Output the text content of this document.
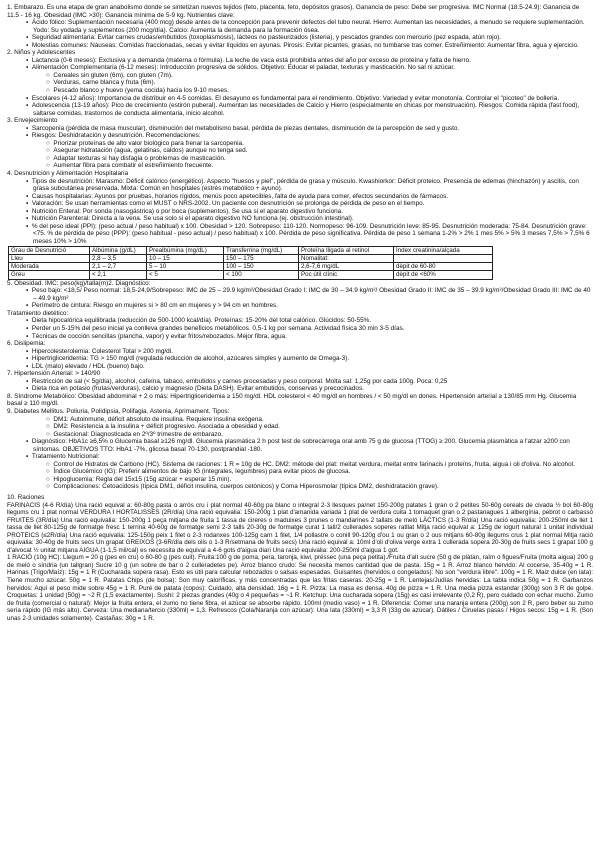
1. Embarazo. Es una etapa de gran anabolismo donde se sintetizan nuevos tejidos (feto, placenta, feto, depósitos grasos). Ganancia de peso: Debe ser progresiva. IMC Normal (18.5-24.9): Ganancia de 11.5 - 16 kg. Obesidad (IMC >30): Ganancia mínima de 5-9 kg. Nutrientes clave:

▪  Ácido fólico: Suplementación necesaria (400 mcg) desde antes de la concepción para prevenir defectos del tubo neural. Hierro: Aumentan las necesidades, a menudo se requiere suplementación. Yodo: Su yodada y suplementos (200 mcg/día). Calcio: Aumenta la demanda para la formación ósea.

▪  Seguridad alimentaria: Evitar carnes crudas/embutidos (toxoplasmosis), lácteos no pasteurizados (listeria), y pescados grandes con mercurio (pez espada, atún rojo).

▪  Molestias comunes: Náuseas: Comidas fraccionadas, secas y evitar líquidos en ayunas. Pirosis: Evitar picantes, grasas, no tumbarse tras comer. Estreñimiento: Aumentar fibra, agua y ejercicio.

2. Niños y Adolescentes

▪  Lactancia (0-6 meses): Exclusiva y a demanda (materna o fórmula). La leche de vaca está prohibida antes del año por exceso de proteína y falta de hierro.

▪  Alimentación Complementaria (6-12 meses): Introducción progresiva de sólidos. Objetivo: Educar el paladar, texturas y masticación. No sal ni azúcar.

○  Cereales sin gluten (6m), con gluten (7m).

○  Verduras, carne blanca y fruta (6m).

○  Pescado blanco y huevo (yema cocida) hacia los 9-10 meses.

▪  Escolares (4-12 años): Importancia de distribuir en 4-5 comidas. El desayuno es fundamental para el rendimiento. Objetivo: Variedad y evitar monotonía. Controlar el "picoteo" de bollería.

▪  Adolescencia (13-19 años): Pico de crecimiento (estirón puberal). Aumentan las necesidades de Calcio y Hierro (especialmente en chicas por menstruación). Riesgos: Comida rápida (fast food), saltarse comidas, trastornos de conducta alimentaria, inicio alcohol.

3. Envejecimiento

▪  Sarcopenia (pérdida de masa muscular), disminución del metabolismo basal, pérdida de piezas dentales, disminución de la percepción de sed y gusto.

▪  Riesgos: Deshidratación y desnutrición. Recomendaciones:

○  Priorizar proteínas de alto valor biológico para frenar la sarcopenia.

○  Asegurar hidratación (agua, gelatinas, caldos) aunque no tenga sed.

○  Adaptar texturas si hay disfagia o problemas de masticación.

○  Aumentar fibra para combatir el estreñimiento frecuente.

4. Desnutrición y Alimentación Hospitalaria

▪  Tipos de desnutrición: Marasmo: Déficit calórico (energético). Aspecto "huesos y piel", pérdida de grasa y músculo. Kwashiorkor: Déficit proteico. Presencia de edemas (hinchazón) y ascitis, con grasa subcutánea preservada. Mixta: Común en hospitales (estrés metabólico + ayuno).

▪  Causas hospitalarias: Ayunos por pruebas, horarios rígidos, menús poco apetecibles, falta de ayuda para comer, efectos secundarios de fármacos.

▪  Valoración: Se usan herramientas como el MUST o NRS-2002. Un paciente con desnutrición se prolonga de pérdida de peso en el tiempo.

▪  Nutrición Enteral: Por sonda (nasogástrica) o por boca (suplementos). Se usa si el aparato digestivo funciona.

▪  Nutrición Parenteral: Directa a la vena. Se usa solo si el aparato digestivo NO funciona (ej. obstrucción intestinal).

▪  % del peso ideal (PPI): (peso actual / peso habitual) x 100. Obesidad > 120. Sobrepeso: 110-120. Normopeso: 96-109. Desnutrición leve: 85-95. Desnutrición moderada: 75-84. Desnutrición grave: <75. % de pérdida de peso (PPP): (peso habitual - peso actual) / peso habitual) x 100. Pérdida de peso significativa. Pérdida de peso 1 semana 1-2% > 2% 1 mes 5% > 5% 3 meses 7,5% > 7,5% 6 meses 10% > 10%

Grau de Desnutrició	Albúmina (g/dL)	Prealbúmina (mg/dL)	Transferrina (mg/dL)	Proteïna lligada al retinol	Índex creatinina/alçada
Lleu	2,8 – 3,5	10 – 15	150 – 175	Nomalitat:	
Moderada	2,1 – 2,7	5 – 10	100 – 150	2,6-7,6 mg/dL	dèpit de 60-80
Greu	< 2,1	< 5	< 100	Poc útil clínic	dèpit de <60%

5. Obesidad. IMC: peso(kg)/talla(m)2. Diagnóstico:

▪  Peso bajo: <18,5/ Peso normal: 18,5-24,9/Sobrepeso: IMC de 25 – 29.9 kg/m²/Obesidad Grado I: IMC de 30 – 34.9 kg/m²/ Obesidad Grado II: IMC de 35 – 39.9 kg/m²/Obesidad Grado III: IMC de 40 – 49.9 kg/m²

▪  Perímetro de cintura: Riesgo en mujeres si > 80 cm en mujeres y > 94 cm en hombres.

Tratamiento dietético:

▪  Dieta hipocalórica equilibrada (reducción de 500-1000 kcal/día). Proteínas: 15-20% del total calórico. Glúcidos: 50-55%.

▪  Perder un 5-15% del peso inicial ya conlleva grandes beneficios metabólicos. 0,5-1 kg por semana. Actividad física 30 min 3-5 días.

▪  Técnicas de cocción sencillas (plancha, vapor) y evitar fritos/rebozados. Mejor fibra, agua.

6. Dislipemia:

▪  Hipercolesterolemia: Colesterol Total > 200 mg/dl.

▪  Hipertrigliceridemia: TG > 150 mg/dl (regulada reducción de alcohol, azúcares simples y aumento de Omega-3).

▪  LDL (malo) elevado / HDL (bueno) bajo.

7. Hipertensión Arterial: > 140/90

▪  Restricción de sal (< 5g/día), alcohol, cafeína, tabaco, embutidos y carnes procesadas y peso corporal. Molta sal: 1,25g por cada 100g. Poca: 0,25

▪  Dieta rica en potasio (frutas/verduras), calcio y magnesio (Dieta DASH). Evitar embutidos, conservas y precocinados.

8. Síndrome Metabólico: Obesidad abdominal + 2 o más: Hipertrigliceridemia ≥ 150 mg/dl. HDL colesterol < 40 mg/dl en hombres / < 50 mg/dl en dones. Hipertensión arterial ≥ 130/85 mm Hg. Glucemia basal ≥ 110 mg/dl.

9. Diabetes Mellitus. Poliuria, Polidipsia, Polifagia. Astenia, Aprimament. Tipos:

○  DM1: Autoinmune, déficit absoluto de insulina. Requiere insulina exógena.

○  DM2: Resistencia a la insulina + déficit progresivo. Asociada a obesidad y edad.

○  Gestacional: Diagnosticada en 2º/3º trimestre de embarazo.

▪  Diagnóstico: HbA1c ≥6,5% o Glucemia basal ≥126 mg/dl. Glucemia plasmàtica 2 h post test de sobrecàrrega oral amb 75 g de glucosa (TTOG) ≥ 200. Glucemia plasmàtica a l'atzar ≥200 con síntomas. OBJETIVOS TTO: HbA1 -7%, glicosa basal 70-130, postprandial -180.

▪  Tratamiento Nutricional:

○  Control de Hidratos de Carbono (HC). Sistema de raciones: 1 R = 10g de HC. DM2: mètode del plat: meitat verdura, meitat entre farinacis i proteïns, fruita, aigua i oli d'oliva. No alcohol.

○  Índice Glucémico (IG): Preferir alimentos de bajo IG (integrales, legumbres) para evitar picos de glucosa.

○  Hipoglucemia: Regla del 15x15 (15g azúcar + esperar 15 min).

○  Complicaciones: Cetoacidosis (típica DM1, déficit insulina, cuerpos cetónicos) y Coma Hiperosmolar (típica DM2, deshidratación grave).

10. Raciones

FARINACIS (4-6 R/día) Una ració equival a: 60-80g pasta o arròs cru i plat normal 40-60g pa blanc o integral 2-3 llesques pa/net 150-200g patates 1 gran o 2 petites 50-60g cereals de civada ½ bol 60-80g llegums cru 1 plat normal VERDURA I HORTALISSES (2R/día) Una ració equivalia: 150-200g 1 plat d'amanida variada 1 plat de verdura cuita 1 tomaquet gran o 2 pastanagues 1 albergínia, pebrot o carbassó FRUITES (3R/día) Una ració equivalia: 150-200g 1 peça mitjana de fruita 1 tassa de cireres o maduixes 3 prunes o mandarines 2 tallats de meló LÀCTICS (1-3 R/día) Una ració equivalia: 200-250ml de llet 1 tassa de llet 80-125g de formatge fresc 1 terrina 40-60g de formatge semi 2-3 talls 20-30g de formatge curat 1 tall/2 cullerades soperes ratllat Mitja ració equival a: 125g de iogurt natural 1 unitat individual PROTEICS (≤2R/día) Una ració equivalia: 125-150g peix 1 filet o 2-3 rodanxes 100-125g carn 1 filet, 1/4 pollastre o conill 90-120g d'ou 1 ou gran o 2 ous mitjans 60-80g llegums crus 1 plat normal Mitja ració equivalia: 30-40g de fruits secs Un grapat GREIXOS (3-6R/día dels olis o 1-3 R/setmana de fruits secs) Una ració equival a: 10ml d'oli d'oliva verge extra 1 cullerada sopera 20-30g de fruits secs 1 grapat 100 g d'alvocat ½ unitat mitjana AIGUA (1-1,5 mil/cal) es necessita de equival a 4-6 gots d'aigua diari Una ració equivalia: 200-250ml d'aigua 1 got.

1 RACIÓ (10g HC): Llegum = 20 g (pes en cru) o 60-80 g (pes cuit). Fruita:100 g de poma, pera, taronja, kiwi, préssec (una peça petita)./Fruita d'alt sucre (50 g de plàtan, raïm o figues/Fruita (molta aigua) 200 g de meló o síndria (un tallgran) Sucre 10 g (un sobre de bar o 2 culleradetes pe). Arroz blanco crudo: Se necesita menos cantidad que de pasta. 15g = 1 R. Arroz blanco hervido: Al cocerse, 35-40g = 1 R. Harinas (Trigo/Maíz): 15g = 1 R (Cucharada sopera rasa). Esto es útil para calcular rebozados o salsas espesadas. Guisantes (hervidos o congelados): No son "verdura libre". 100g = 1 R. Maiz dulce (en lata): Tiene mucho azúcar. 50g = 1 R. Patatas Chips (de bolsa): Son muy caloríficas, y más concentradas que las fritas caseras. 20-25g = 1 R. Lentejas/Judías hervidas: La tabla indica 50g = 1 R. Garbanzos hervidos: Aquí el peso mide sobre 45g = 1 R. Puré de patata (copos): Cuidado, alta densidad. 16g = 1 R. Pizza: La masa es densa. 40g de pizza = 1 R. Una media pizza estandar (300g) son 3 R de golpe. Croquetas: 1 unidad (50g) = ~2 R (1,5 exactamente). Sushi: 2 piezas grandes (40g o 4 pequeñas = ~1 R. Ketchup: Una cucharada sopera (15g) es casi irrelevante (0,2 R), pero cuidado con echar mucho. Zumo de fruita (comercial o natural): Mejor la fruita entera, el zumo no tiene fibra, el azúcar se absorbe rápido. 100ml (medio vaso) = 1 R. Diferencia: Comer una naranja entera (200g) son 2 R, pero beber su zumo sería rápido (IG más alto). Cerveza: Una mediana/tercio (330ml) = 1,3. Refrescos (Cola/Naranja con azúcar): Una lata (330ml) = 3,3 R (33g de azúcar). Dátiles / Ciruelas pasas / Higos secos: 15g = 1 R. (Son unas 2-3 unidades solamente). Castañas: 30g = 1 R.
